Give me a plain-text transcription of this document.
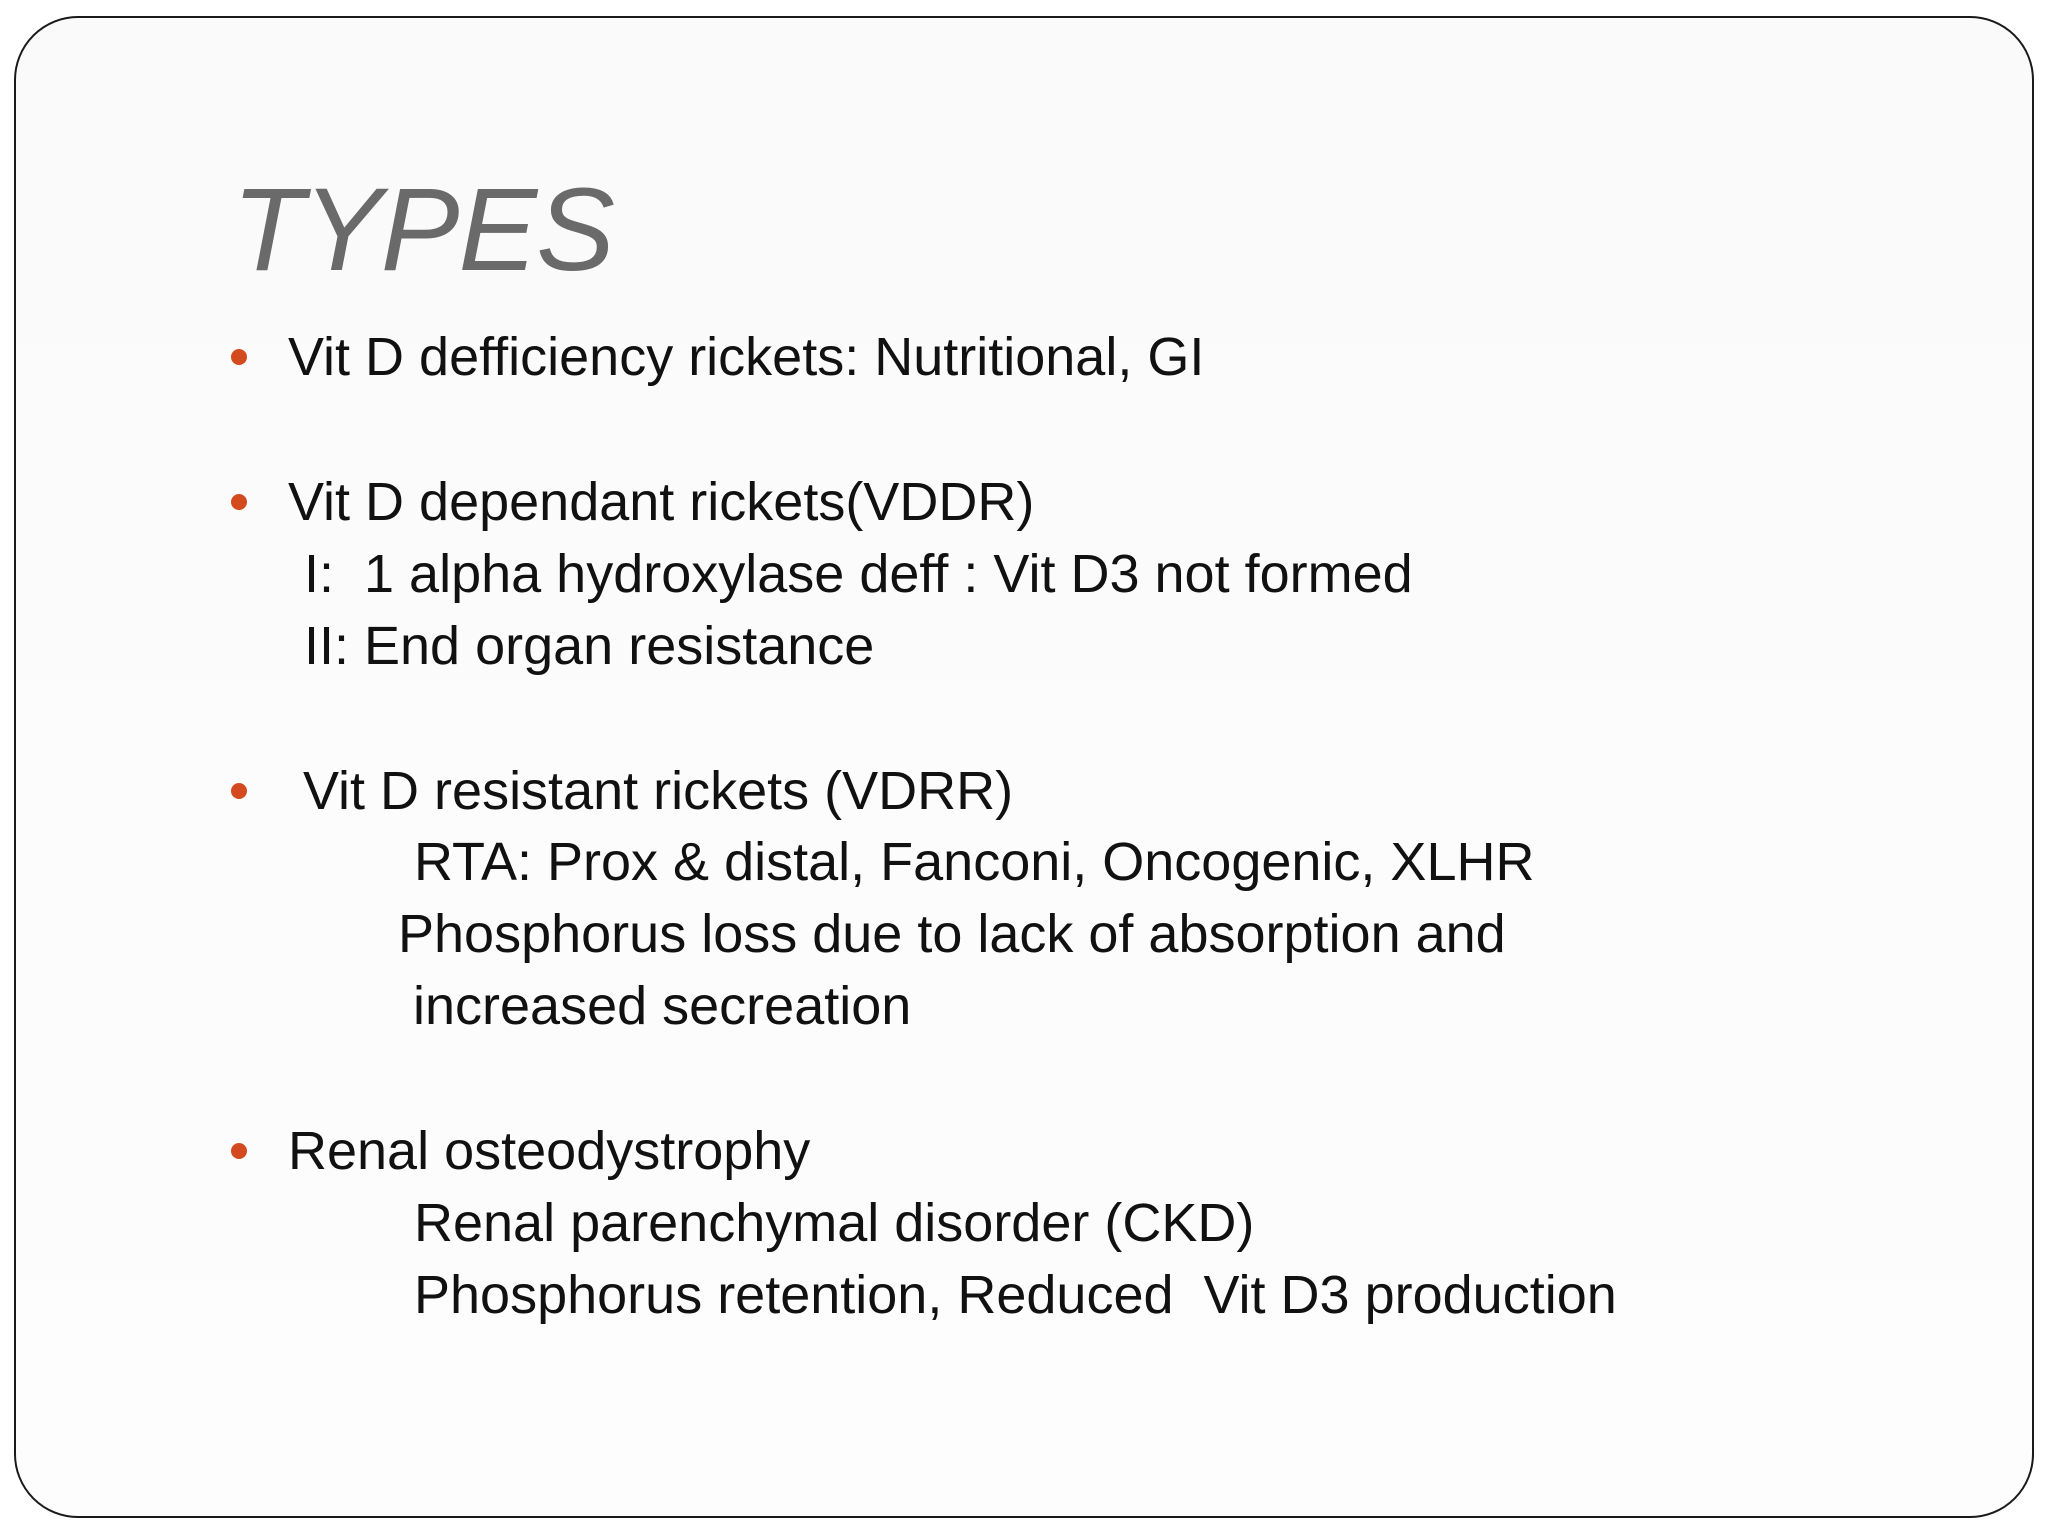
TYPES
Vit D defficiency rickets: Nutritional, GI
Vit D dependant rickets(VDDR)
I:  1 alpha hydroxylase deff : Vit D3 not formed
II: End organ resistance
Vit D resistant rickets (VDRR)
RTA: Prox & distal, Fanconi, Oncogenic, XLHR
Phosphorus loss due to lack of absorption and
increased secreation
Renal osteodystrophy
Renal parenchymal disorder (CKD)
Phosphorus retention, Reduced  Vit D3 production
